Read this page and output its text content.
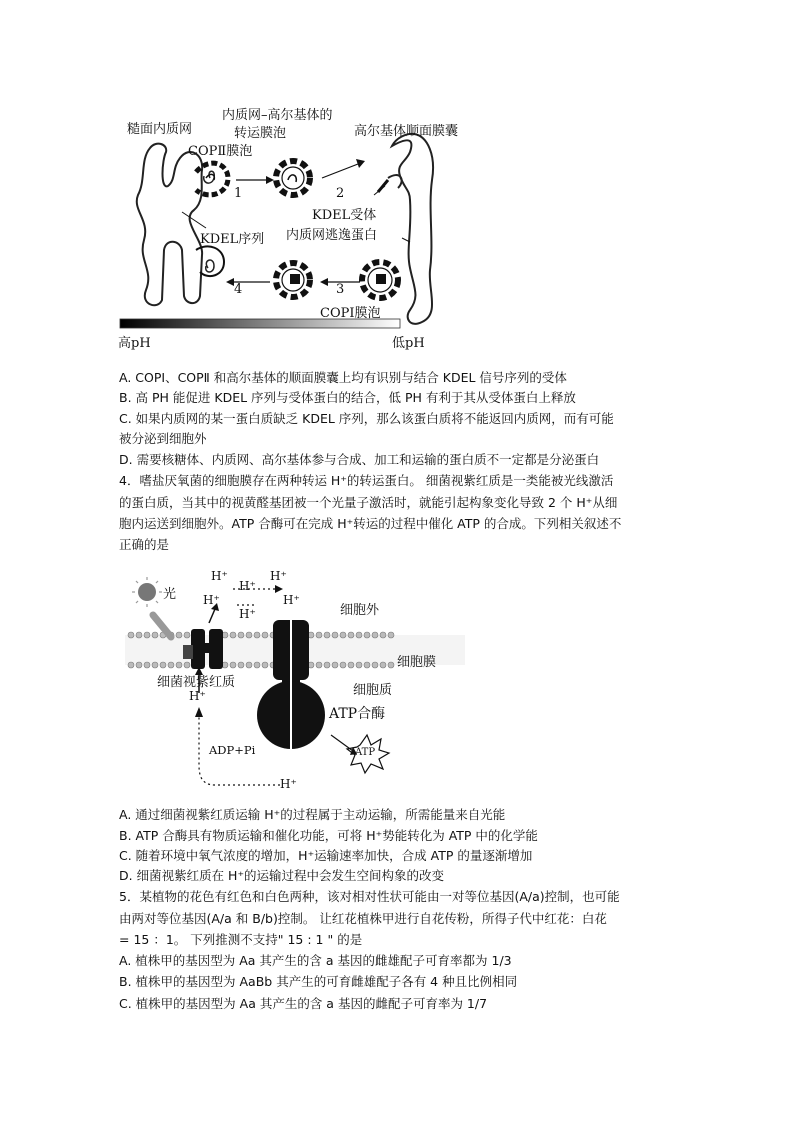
糙面内质网
内质网–高尔基体的
转运膜泡	高尔基体顺面膜囊
COPⅡ膜泡
1	2
KDEL受体
KDEL序列 内质网逃逸蛋白
3
4
COPⅠ膜泡
高pH	低pH
A. COPⅠ、COPⅡ 和高尔基体的顺面膜囊上均有识别与结合 KDEL 信号序列的受体
B. 高 PH 能促进 KDEL 序列与受体蛋白的结合，低 PH 有利于其从受体蛋白上释放
C. 如果内质网的某一蛋白质缺乏 KDEL 序列，那么该蛋白质将不能返回内质网，而有可能
被分泌到细胞外
D. 需要核糖体、内质网、高尔基体参与合成、加工和运输的蛋白质不一定都是分泌蛋白
4．嗜盐厌氧菌的细胞膜存在两种转运 H⁺的转运蛋白。 细菌视紫红质是一类能被光线激活
的蛋白质，当其中的视黄醛基团被一个光量子激活时，就能引起构象变化导致 2 个 H⁺从细
胞内运送到细胞外。ATP 合酶可在完成 H⁺转运的过程中催化 ATP 的合成。下列相关叙述不
正确的是
光
H⁺	H⁺
H⁺
H⁺	H⁺
H⁺	细胞外
细胞膜
细胞质
细菌视紫红质
ATP合酶
H⁺
ADP+Pi	ATP
H⁺
A. 通过细菌视紫红质运输 H⁺的过程属于主动运输，所需能量来自光能
B. ATP 合酶具有物质运输和催化功能，可将 H⁺势能转化为 ATP 中的化学能
C. 随着环境中氧气浓度的增加，H⁺运输速率加快，合成 ATP 的量逐渐增加
D. 细菌视紫红质在 H⁺的运输过程中会发生空间构象的改变
5．某植物的花色有红色和白色两种，该对相对性状可能由一对等位基因(A/a)控制，也可能
由两对等位基因(A/a 和 B/b)控制。 让红花植株甲进行自花传粉，所得子代中红花：白花
= 15 ：1。 下列推测不支持" 15 : 1 " 的是
A. 植株甲的基因型为 Aa 其产生的含 a 基因的雌雄配子可育率都为 1/3
B. 植株甲的基因型为 AaBb 其产生的可育雌雄配子各有 4 种且比例相同
C. 植株甲的基因型为 Aa 其产生的含 a 基因的雌配子可育率为 1/7
